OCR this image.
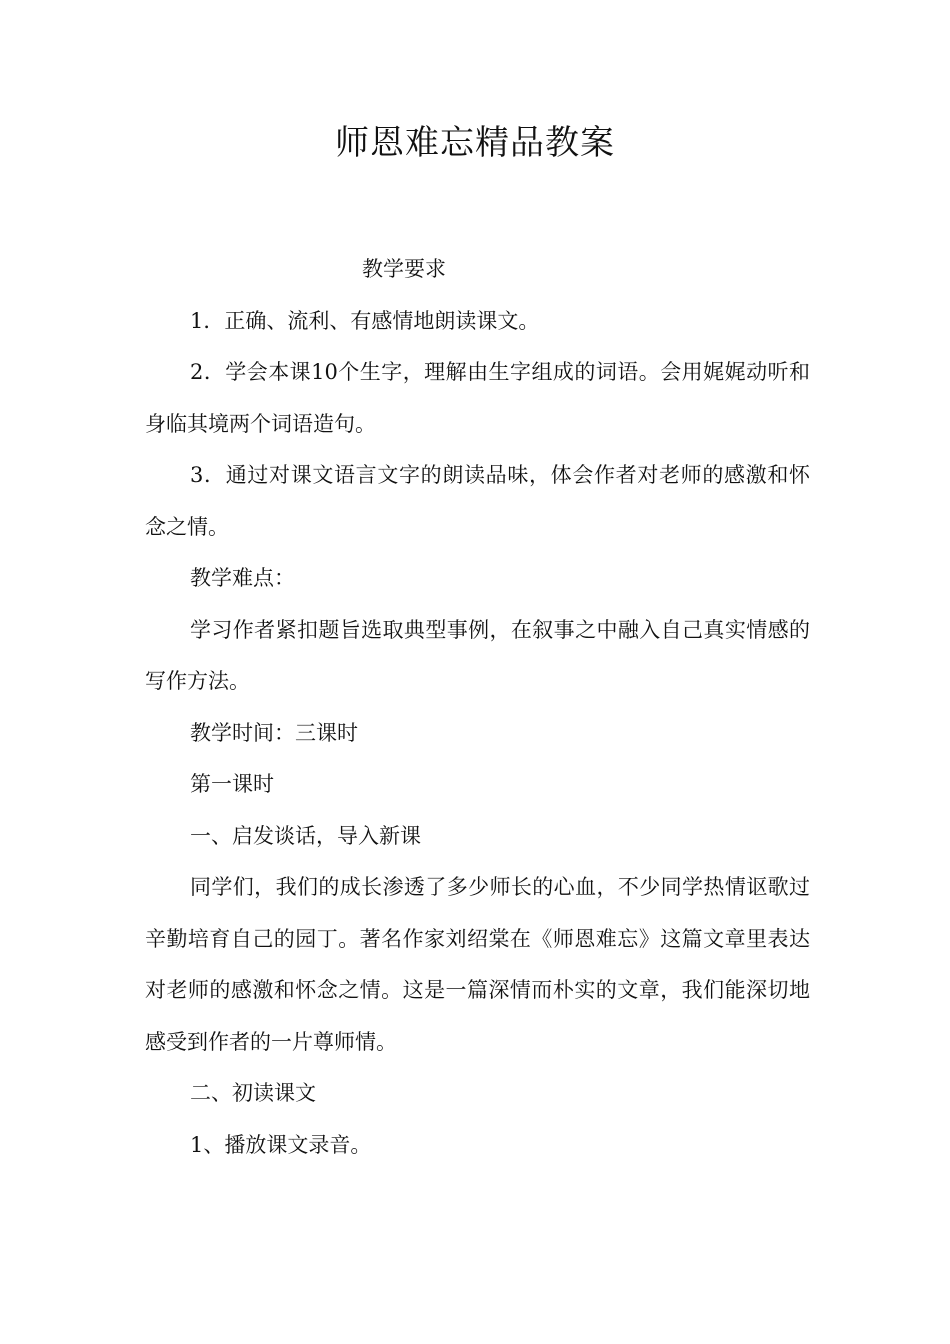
师恩难忘精品教案

教学要求

1．正确、流利、有感情地朗读课文。

2．学会本课10个生字，理解由生字组成的词语。会用娓娓动听和身临其境两个词语造句。

3．通过对课文语言文字的朗读品味，体会作者对老师的感激和怀念之情。

教学难点：

学习作者紧扣题旨选取典型事例，在叙事之中融入自己真实情感的写作方法。

教学时间：三课时

第一课时

一、启发谈话，导入新课

同学们，我们的成长渗透了多少师长的心血，不少同学热情讴歌过辛勤培育自己的园丁。著名作家刘绍棠在《师恩难忘》这篇文章里表达对老师的感激和怀念之情。这是一篇深情而朴实的文章，我们能深切地感受到作者的一片尊师情。

二、初读课文

1、播放课文录音。
